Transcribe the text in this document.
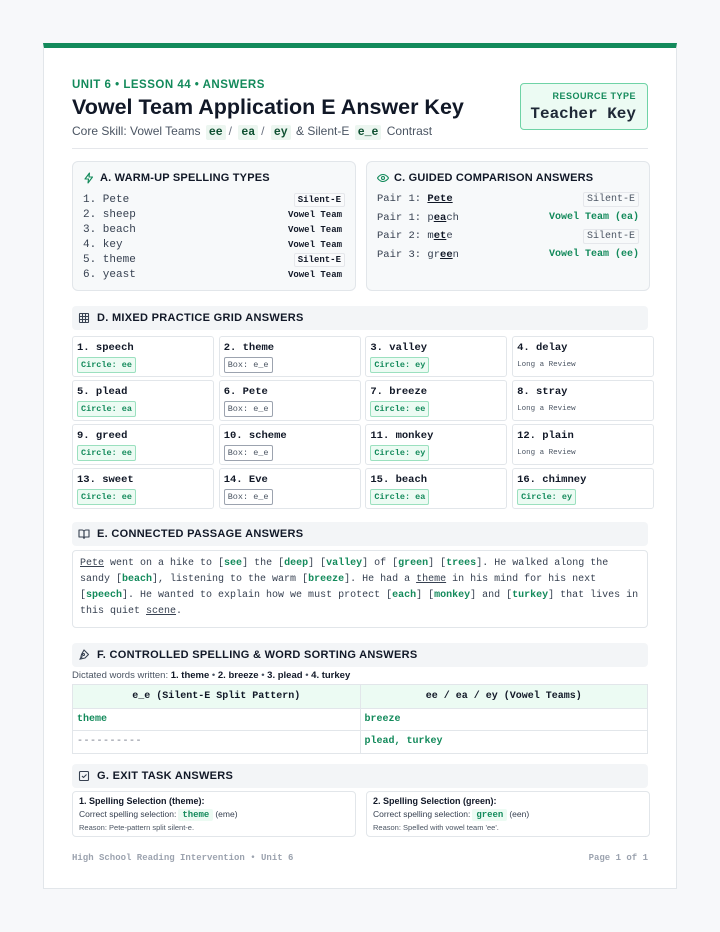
UNIT 6 • LESSON 44 • ANSWERS
Vowel Team Application E Answer Key
Core Skill: Vowel Teams ee / ea / ey & Silent-E e_e Contrast
RESOURCE TYPE
Teacher Key
A. WARM-UP SPELLING TYPES
1. Pete	Silent-E
2. sheep	Vowel Team
3. beach	Vowel Team
4. key	Vowel Team
5. theme	Silent-E
6. yeast	Vowel Team
C. GUIDED COMPARISON ANSWERS
Pair 1: Pete	Silent-E
Pair 1: peach	Vowel Team (ea)
Pair 2: mete	Silent-E
Pair 3: green	Vowel Team (ee)
D. MIXED PRACTICE GRID ANSWERS
1. speech
Circle: ee
2. theme
Box: e_e
3. valley
Circle: ey
4. delay
Long a Review
5. plead
Circle: ea
6. Pete
Box: e_e
7. breeze
Circle: ee
8. stray
Long a Review
9. greed
Circle: ee
10. scheme
Box: e_e
11. monkey
Circle: ey
12. plain
Long a Review
13. sweet
Circle: ee
14. Eve
Box: e_e
15. beach
Circle: ea
16. chimney
Circle: ey
E. CONNECTED PASSAGE ANSWERS
Pete went on a hike to [see] the [deep] [valley] of [green] [trees]. He walked along the sandy [beach], listening to the warm [breeze]. He had a theme in his mind for his next [speech]. He wanted to explain how we must protect [each] [monkey] and [turkey] that lives in this quiet scene.
F. CONTROLLED SPELLING & WORD SORTING ANSWERS
Dictated words written: 1. theme • 2. breeze • 3. plead • 4. turkey
e_e (Silent-E Split Pattern)	ee / ea / ey (Vowel Teams)
theme	breeze
----------	plead, turkey
G. EXIT TASK ANSWERS
1. Spelling Selection (theme):
Correct spelling selection: theme (eme)
Reason: Pete-pattern split silent-e.
2. Spelling Selection (green):
Correct spelling selection: green (een)
Reason: Spelled with vowel team 'ee'.
High School Reading Intervention • Unit 6	Page 1 of 1
